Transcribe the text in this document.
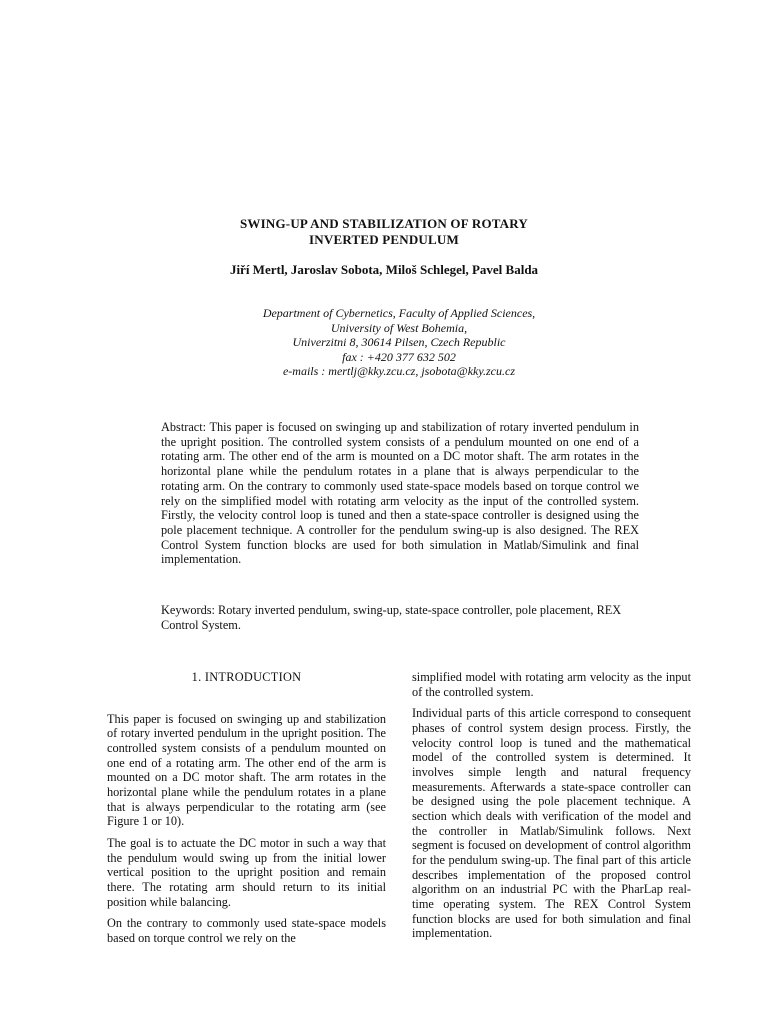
SWING-UP AND STABILIZATION OF ROTARY
INVERTED PENDULUM
Jiří Mertl, Jaroslav Sobota, Miloš Schlegel, Pavel Balda
Department of Cybernetics, Faculty of Applied Sciences,
University of West Bohemia,
Univerzitni 8, 30614 Pilsen, Czech Republic
fax : +420 377 632 502
e-mails : mertlj@kky.zcu.cz, jsobota@kky.zcu.cz
Abstract: This paper is focused on swinging up and stabilization of rotary inverted pendulum in the upright position. The controlled system consists of a pendulum mounted on one end of a rotating arm. The other end of the arm is mounted on a DC motor shaft. The arm rotates in the horizontal plane while the pendulum rotates in a plane that is always perpendicular to the rotating arm. On the contrary to commonly used state-space models based on torque control we rely on the simplified model with rotating arm velocity as the input of the controlled system. Firstly, the velocity control loop is tuned and then a state-space controller is designed using the pole placement technique. A controller for the pendulum swing-up is also designed. The REX Control System function blocks are used for both simulation in Matlab/Simulink and final implementation.
Keywords: Rotary inverted pendulum, swing-up, state-space controller, pole placement, REX Control System.
1. INTRODUCTION

This paper is focused on swinging up and stabilization of rotary inverted pendulum in the upright position. The controlled system consists of a pendulum mounted on one end of a rotating arm. The other end of the arm is mounted on a DC motor shaft. The arm rotates in the horizontal plane while the pendulum rotates in a plane that is always perpendicular to the rotating arm (see Figure 1 or 10).

The goal is to actuate the DC motor in such a way that the pendulum would swing up from the initial lower vertical position to the upright position and remain there. The rotating arm should return to its initial position while balancing.

On the contrary to commonly used state-space models based on torque control we rely on the

simplified model with rotating arm velocity as the input of the controlled system.

Individual parts of this article correspond to consequent phases of control system design process. Firstly, the velocity control loop is tuned and the mathematical model of the controlled system is determined. It involves simple length and natural frequency measurements. Afterwards a state-space controller can be designed using the pole placement technique. A section which deals with verification of the model and the controller in Matlab/Simulink follows. Next segment is focused on development of control algorithm for the pendulum swing-up. The final part of this article describes implementation of the proposed control algorithm on an industrial PC with the PharLap real-time operating system. The REX Control System function blocks are used for both simulation and final implementation.
